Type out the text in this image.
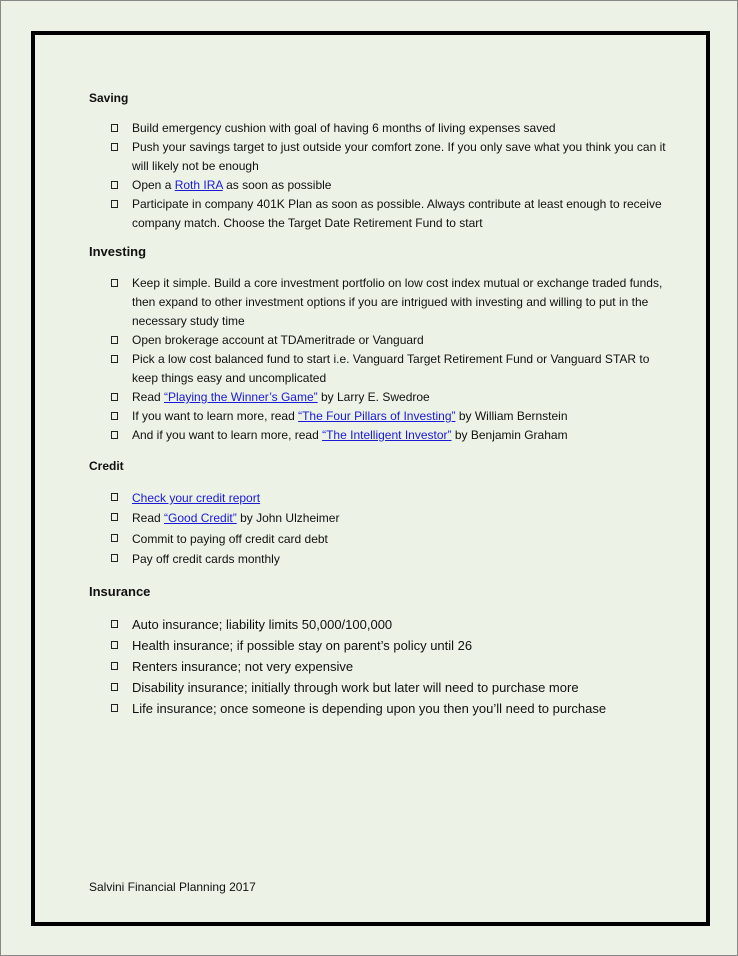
Saving

Build emergency cushion with goal of having 6 months of living expenses saved
Push your savings target to just outside your comfort zone. If you only save what you think you can it will likely not be enough
Open a Roth IRA as soon as possible
Participate in company 401K Plan as soon as possible. Always contribute at least enough to receive company match. Choose the Target Date Retirement Fund to start

Investing

Keep it simple. Build a core investment portfolio on low cost index mutual or exchange traded funds, then expand to other investment options if you are intrigued with investing and willing to put in the necessary study time
Open brokerage account at TDAmeritrade or Vanguard
Pick a low cost balanced fund to start i.e. Vanguard Target Retirement Fund or Vanguard STAR to keep things easy and uncomplicated
Read “Playing the Winner’s Game” by Larry E. Swedroe
If you want to learn more, read “The Four Pillars of Investing” by William Bernstein
And if you want to learn more, read “The Intelligent Investor” by Benjamin Graham

Credit

Check your credit report
Read “Good Credit” by John Ulzheimer
Commit to paying off credit card debt
Pay off credit cards monthly

Insurance

Auto insurance; liability limits 50,000/100,000
Health insurance; if possible stay on parent’s policy until 26
Renters insurance; not very expensive
Disability insurance; initially through work but later will need to purchase more
Life insurance; once someone is depending upon you then you’ll need to purchase
Salvini Financial Planning 2017
